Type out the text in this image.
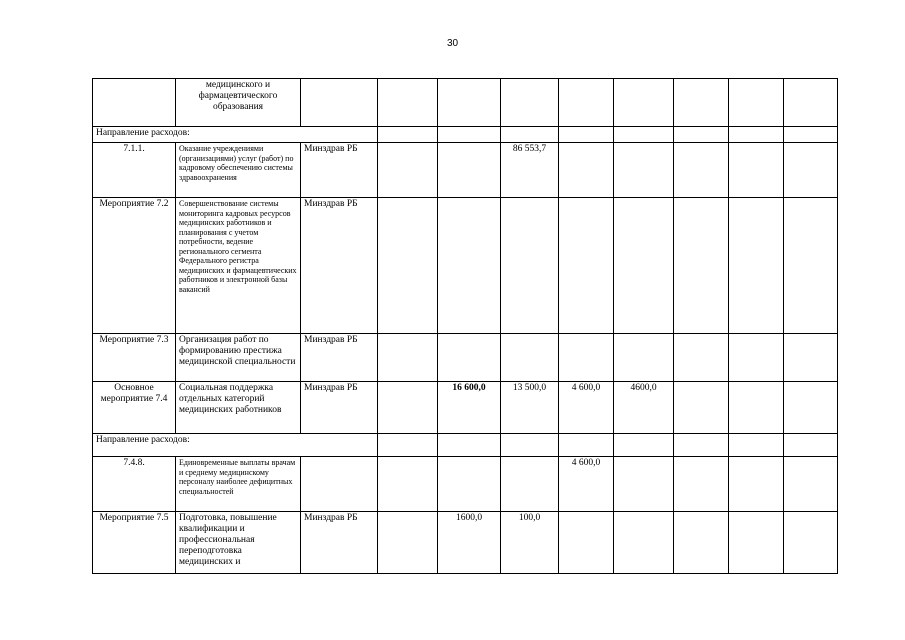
30
	медицинского и фармацевтического образования										
Направление расходов:											
7.1.1.	Оказание учреждениями (организациями) услуг (работ) по кадровому обеспечению системы здравоохранения	Минздрав РБ			86 553,7						
Мероприятие 7.2	Совершенствование системы мониторинга кадровых ресурсов медицинских работников и планирования с учетом потребности, ведение регионального сегмента Федерального регистра медицинских и фармацевтических работников и электронной базы вакансий	Минздрав РБ									
Мероприятие 7.3	Организация работ по формированию престижа медицинской специальности	Минздрав РБ									
Основное мероприятие 7.4	Социальная поддержка отдельных категорий медицинских работников	Минздрав РБ		16 600,0	13 500,0	4 600,0	4600,0				
Направление расходов:											
7.4.8.	Единовременные выплаты врачам и среднему медицинскому персоналу наиболее дефицитных специальностей					4 600,0					
Мероприятие 7.5	Подготовка, повышение квалификации и профессиональная переподготовка медицинских и	Минздрав РБ		1600,0	100,0						
